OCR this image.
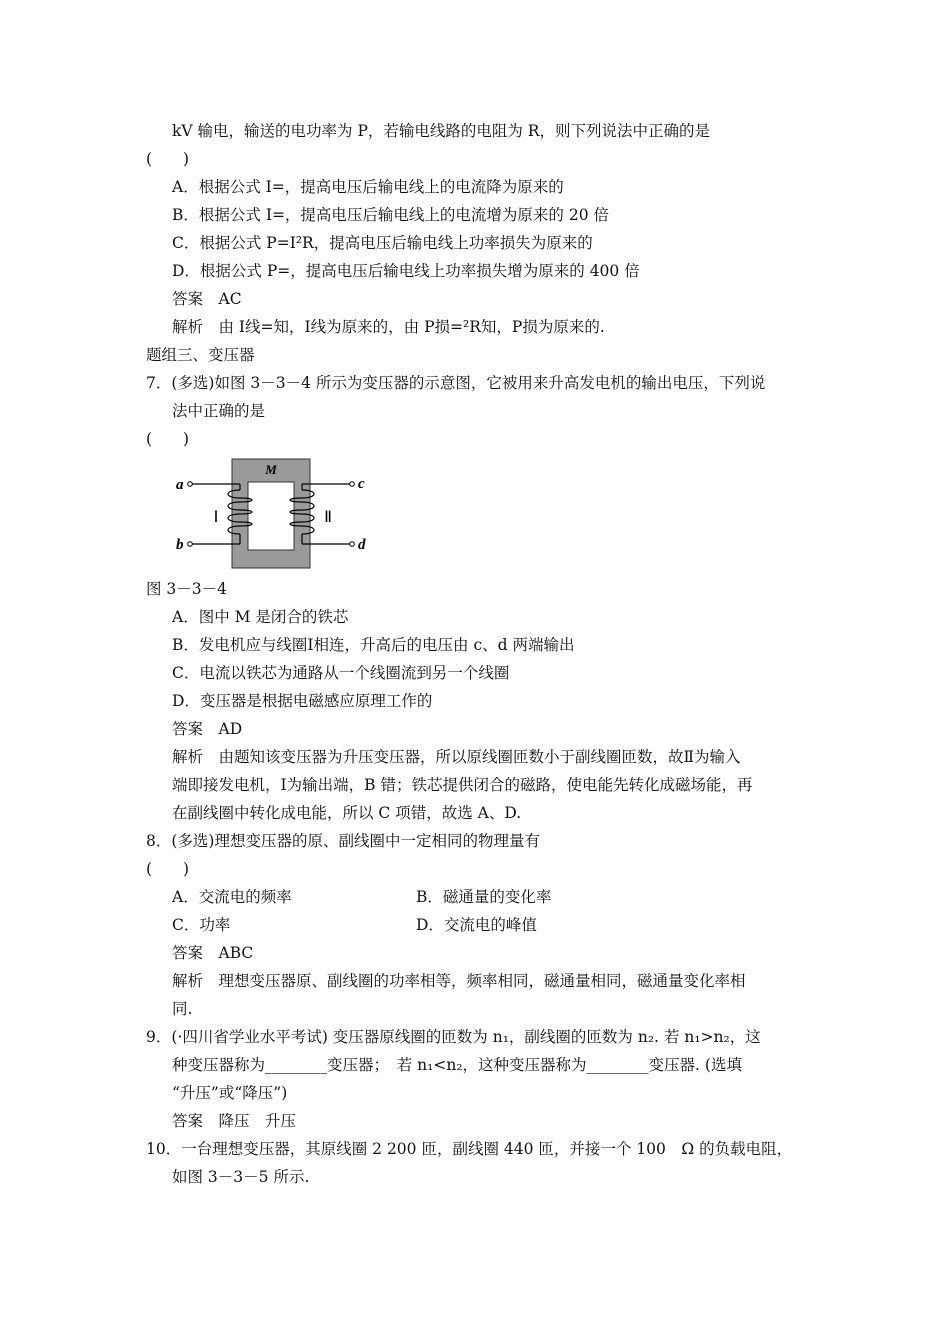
kV 输电，输送的电功率为 P，若输电线路的电阻为 R，则下列说法中正确的是
(　　)
A．根据公式 I=，提高电压后输电线上的电流降为原来的
B．根据公式 I=，提高电压后输电线上的电流增为原来的 20 倍
C．根据公式 P=I²R，提高电压后输电线上功率损失为原来的
D．根据公式 P=，提高电压后输电线上功率损失增为原来的 400 倍
答案　AC
解析　由 I线=知，I线为原来的，由 P损=²R知，P损为原来的.
题组三、变压器
7．(多选)如图 3－3－4 所示为变压器的示意图，它被用来升高发电机的输出电压，下列说
法中正确的是
(　　)
M
Ⅰ	Ⅱ
a
b
c
d
图 3－3－4
A．图中 M 是闭合的铁芯
B．发电机应与线圈Ⅰ相连，升高后的电压由 c、d 两端输出
C．电流以铁芯为通路从一个线圈流到另一个线圈
D．变压器是根据电磁感应原理工作的
答案　AD
解析　由题知该变压器为升压变压器，所以原线圈匝数小于副线圈匝数，故Ⅱ为输入
端即接发电机，Ⅰ为输出端，B 错；铁芯提供闭合的磁路，使电能先转化成磁场能，再
在副线圈中转化成电能，所以 C 项错，故选 A、D.
8．(多选)理想变压器的原、副线圈中一定相同的物理量有
(　　)
A．交流电的频率	B．磁通量的变化率
C．功率	D．交流电的峰值
答案　ABC
解析　理想变压器原、副线圈的功率相等，频率相同，磁通量相同，磁通量变化率相
同.
9．(·四川省学业水平考试) 变压器原线圈的匝数为 n₁，副线圈的匝数为 n₂. 若 n₁>n₂，这
种变压器称为________变压器；　若 n₁<n₂，这种变压器称为________变压器. (选填
“升压”或“降压”)
答案　降压　升压
10．一台理想变压器，其原线圈 2 200 匝，副线圈 440 匝，并接一个 100　Ω 的负载电阻，
如图 3－3－5 所示.
